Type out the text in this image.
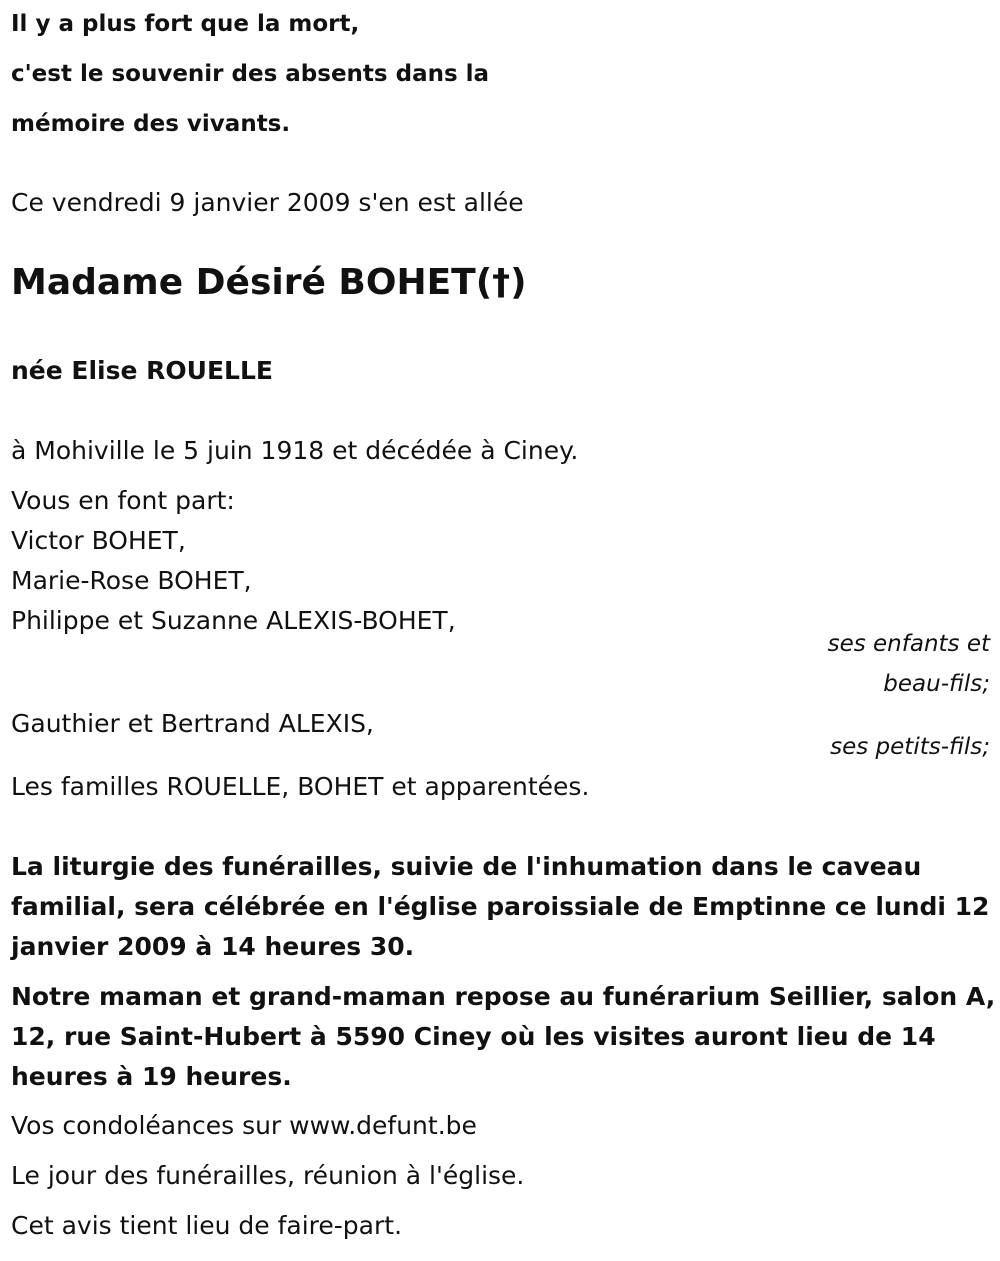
Il y a plus fort que la mort,
c'est le souvenir des absents dans la
mémoire des vivants.
Ce vendredi 9 janvier 2009 s'en est allée
Madame Désiré BOHET(†)
née Elise ROUELLE
à Mohiville le 5 juin 1918 et décédée à Ciney.
Vous en font part:
Victor BOHET,
Marie-Rose BOHET,
Philippe et Suzanne ALEXIS-BOHET,
ses enfants et
beau-fils;
Gauthier et Bertrand ALEXIS,
ses petits-fils;
Les familles ROUELLE, BOHET et apparentées.
La liturgie des funérailles, suivie de l'inhumation dans le caveau
familial, sera célébrée en l'église paroissiale de Emptinne ce lundi 12
janvier 2009 à 14 heures 30.
Notre maman et grand-maman repose au funérarium Seillier, salon A,
12, rue Saint-Hubert à 5590 Ciney où les visites auront lieu de 14
heures à 19 heures.
Vos condoléances sur www.defunt.be
Le jour des funérailles, réunion à l'église.
Cet avis tient lieu de faire-part.
